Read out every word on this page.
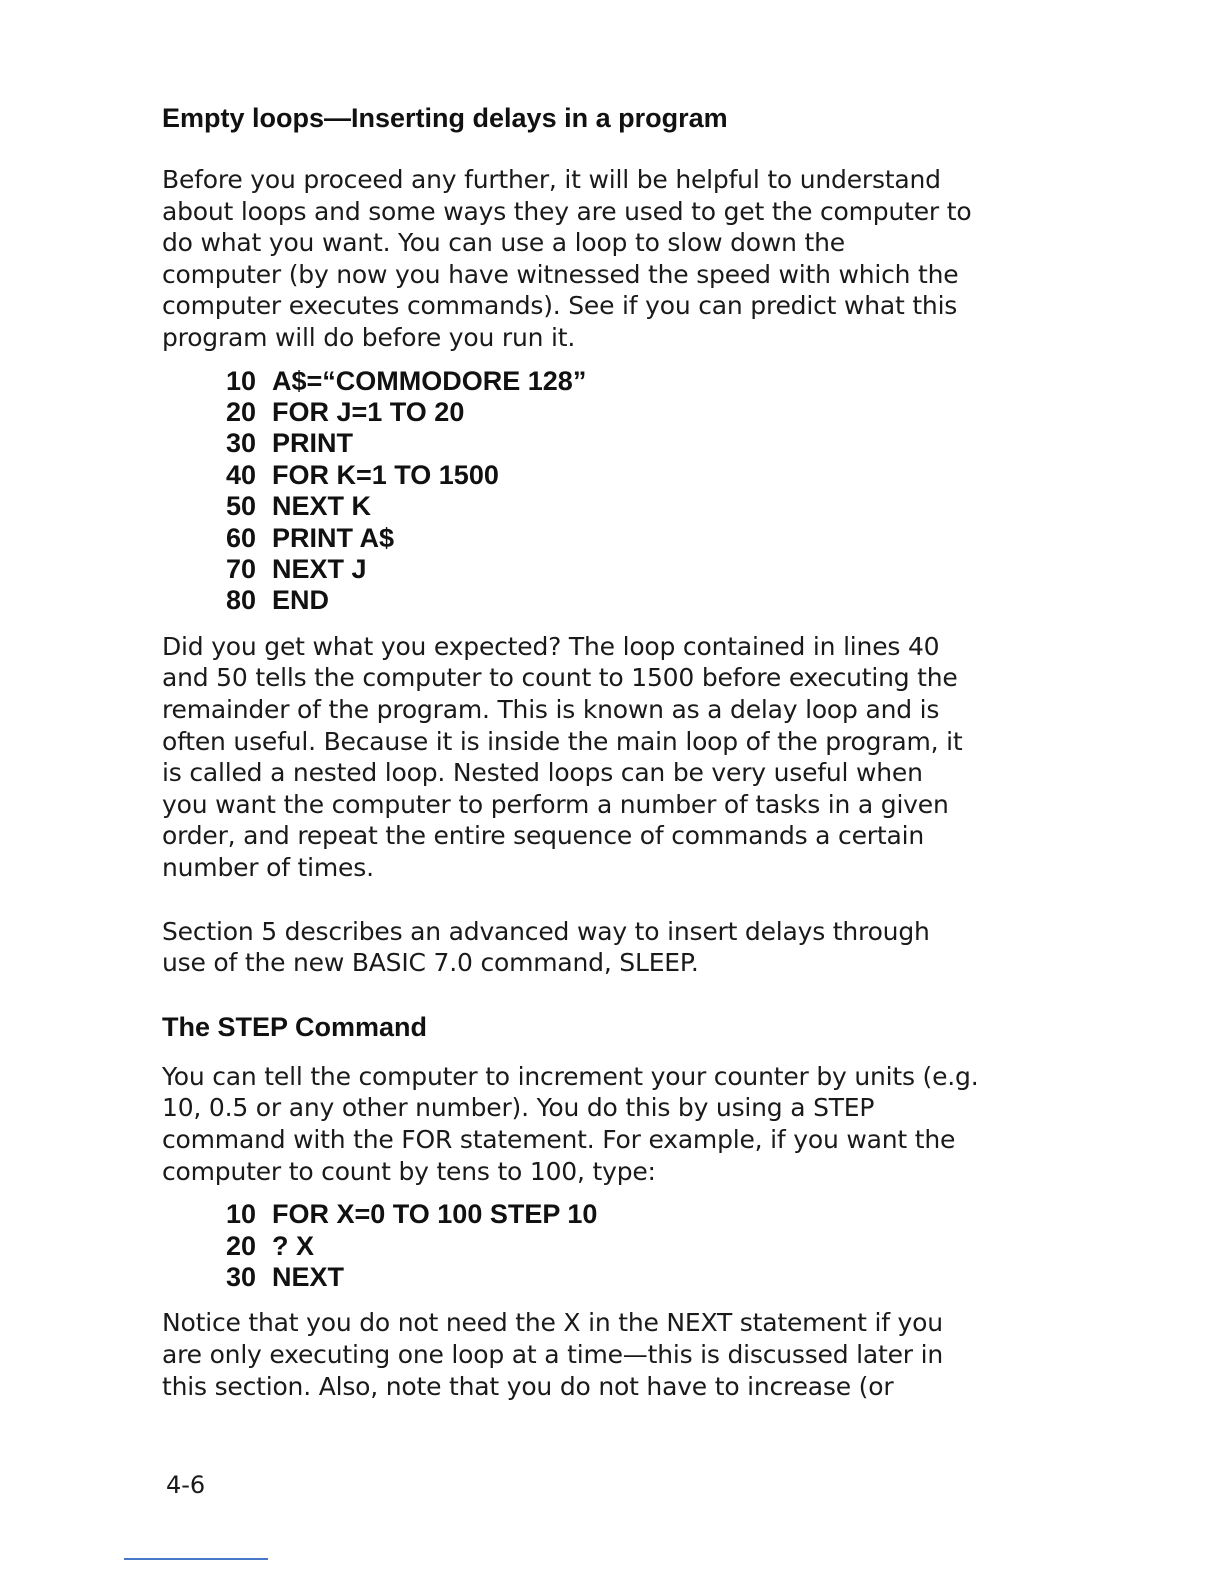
Empty loops—Inserting delays in a program

Before you proceed any further, it will be helpful to understand
about loops and some ways they are used to get the computer to
do what you want. You can use a loop to slow down the
computer (by now you have witnessed the speed with which the
computer executes commands). See if you can predict what this
program will do before you run it.

10 A$=“COMMODORE 128”
20 FOR J=1 TO 20
30 PRINT
40 FOR K=1 TO 1500
50 NEXT K
60 PRINT A$
70 NEXT J
80 END

Did you get what you expected? The loop contained in lines 40
and 50 tells the computer to count to 1500 before executing the
remainder of the program. This is known as a delay loop and is
often useful. Because it is inside the main loop of the program, it
is called a nested loop. Nested loops can be very useful when
you want the computer to perform a number of tasks in a given
order, and repeat the entire sequence of commands a certain
number of times.

Section 5 describes an advanced way to insert delays through
use of the new BASIC 7.0 command, SLEEP.

The STEP Command

You can tell the computer to increment your counter by units (e.g.
10, 0.5 or any other number). You do this by using a STEP
command with the FOR statement. For example, if you want the
computer to count by tens to 100, type:

10 FOR X=0 TO 100 STEP 10
20 ? X
30 NEXT

Notice that you do not need the X in the NEXT statement if you
are only executing one loop at a time—this is discussed later in
this section. Also, note that you do not have to increase (or

4-6
